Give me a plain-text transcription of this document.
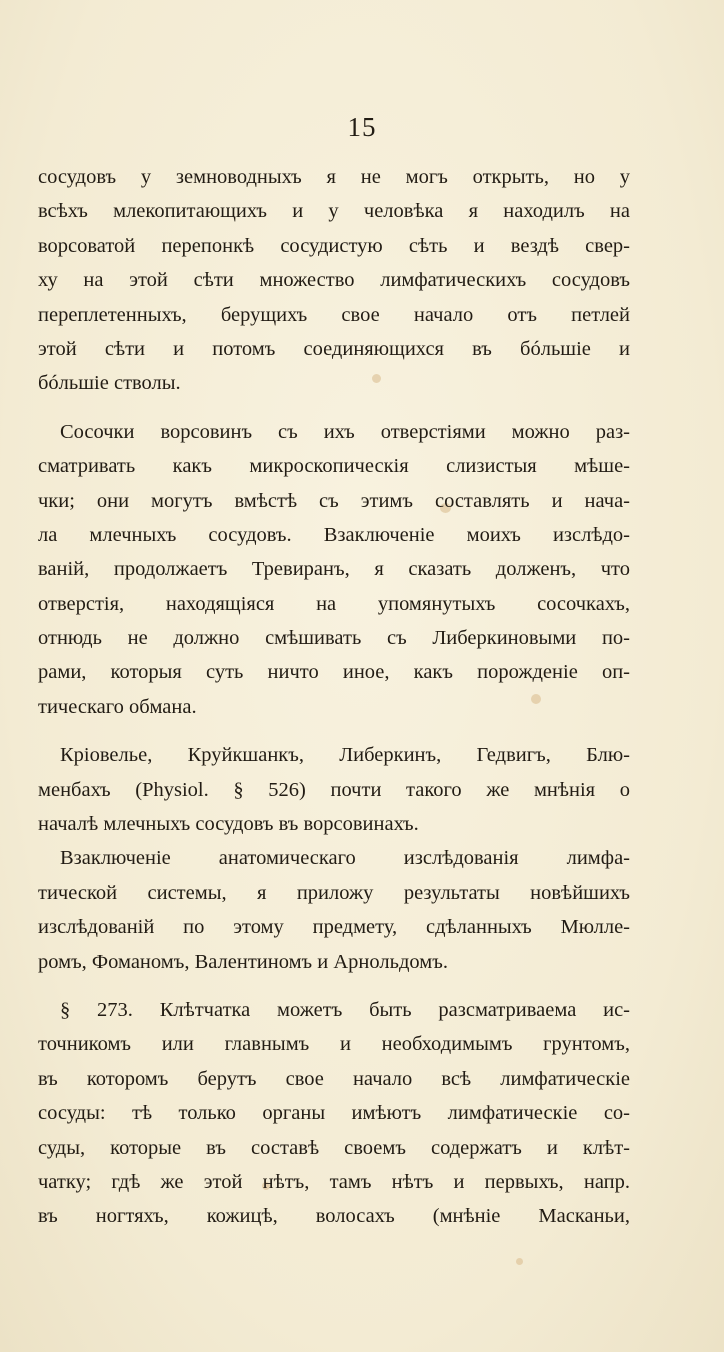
15
сосудовъ у земноводныхъ я не могъ открыть, но у
всѣхъ млекопитающихъ и у человѣка я находилъ на
ворсоватой перепонкѣ сосудистую сѣть и вездѣ свер-
ху на этой сѣти множество лимфатическихъ сосудовъ
переплетенныхъ, берущихъ свое начало отъ петлей
этой сѣти и потомъ соединяющихся въ бóльшіе и
бóльшіе стволы.
Сосочки ворсовинъ съ ихъ отверстіями можно раз-
сматривать какъ микроскопическія слизистыя мѣшe-
чки; они могутъ вмѣстѣ съ этимъ составлять и нача-
ла млечныхъ сосудовъ. Взаключеніе моихъ изслѣдо-
ваній, продолжаетъ Тревиранъ, я сказать долженъ, что
отверстія, находящіяся на упомянутыхъ сосочкахъ,
отнюдь не должно смѣшивать съ Либеркиновыми по-
рами, которыя суть ничто иное, какъ порожденіе оп-
тическаго обмана.
Кріовелье, Круйкшанкъ, Либеркинъ, Гедвигъ, Блю-
менбахъ (Physiol. § 526) почти такого же мнѣнія о
началѣ млечныхъ сосудовъ въ ворсовинахъ.
Взаключеніе анатомическаго изслѣдованія лимфа-
тической системы, я приложу результаты новѣйшихъ
изслѣдованій по этому предмету, сдѣланныхъ Мюлле-
ромъ, Фоманомъ, Валентиномъ и Арнольдомъ.
§ 273. Клѣтчатка можетъ быть разсматриваема ис-
точникомъ или главнымъ и необходимымъ грунтомъ,
въ которомъ берутъ свое начало всѣ лимфатическіе
сосуды: тѣ только органы имѣютъ лимфатическіе со-
суды, которые въ составѣ своемъ содержатъ и клѣт-
чатку; гдѣ же этой нѣтъ, тамъ нѣтъ и первыхъ, напр.
въ ногтяхъ, кожицѣ, волосахъ (мнѣніе Масканьи,
